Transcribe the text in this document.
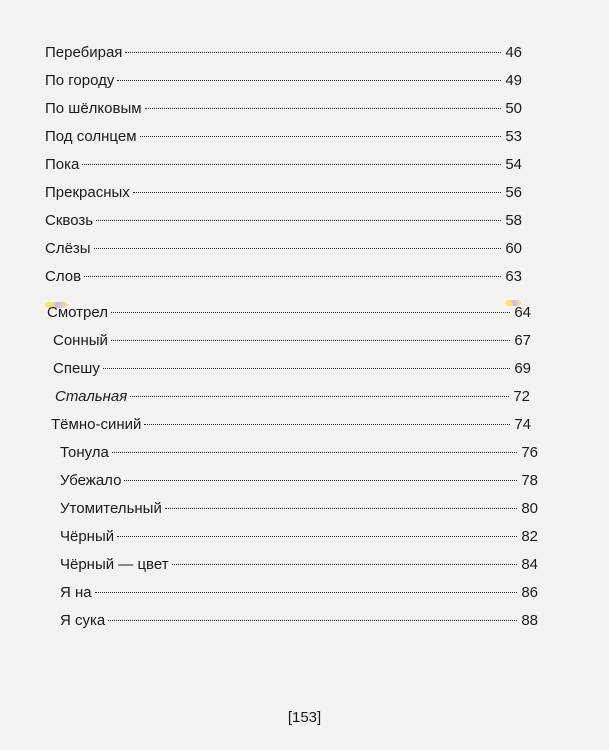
Перебирая	46
По городу	49
По шёлковым	50
Под солнцем	53
Пока	54
Прекрасных	56
Сквозь	58
Слёзы	60
Слов	63
Смотрел	64
Сонный	67
Спешу	69
Стальная	72
Тёмно-синий	74
Тонула	76
Убежало	78
Утомительный	80
Чёрный	82
Чёрный — цвет	84
Я на	86
Я сука	88
[153]
